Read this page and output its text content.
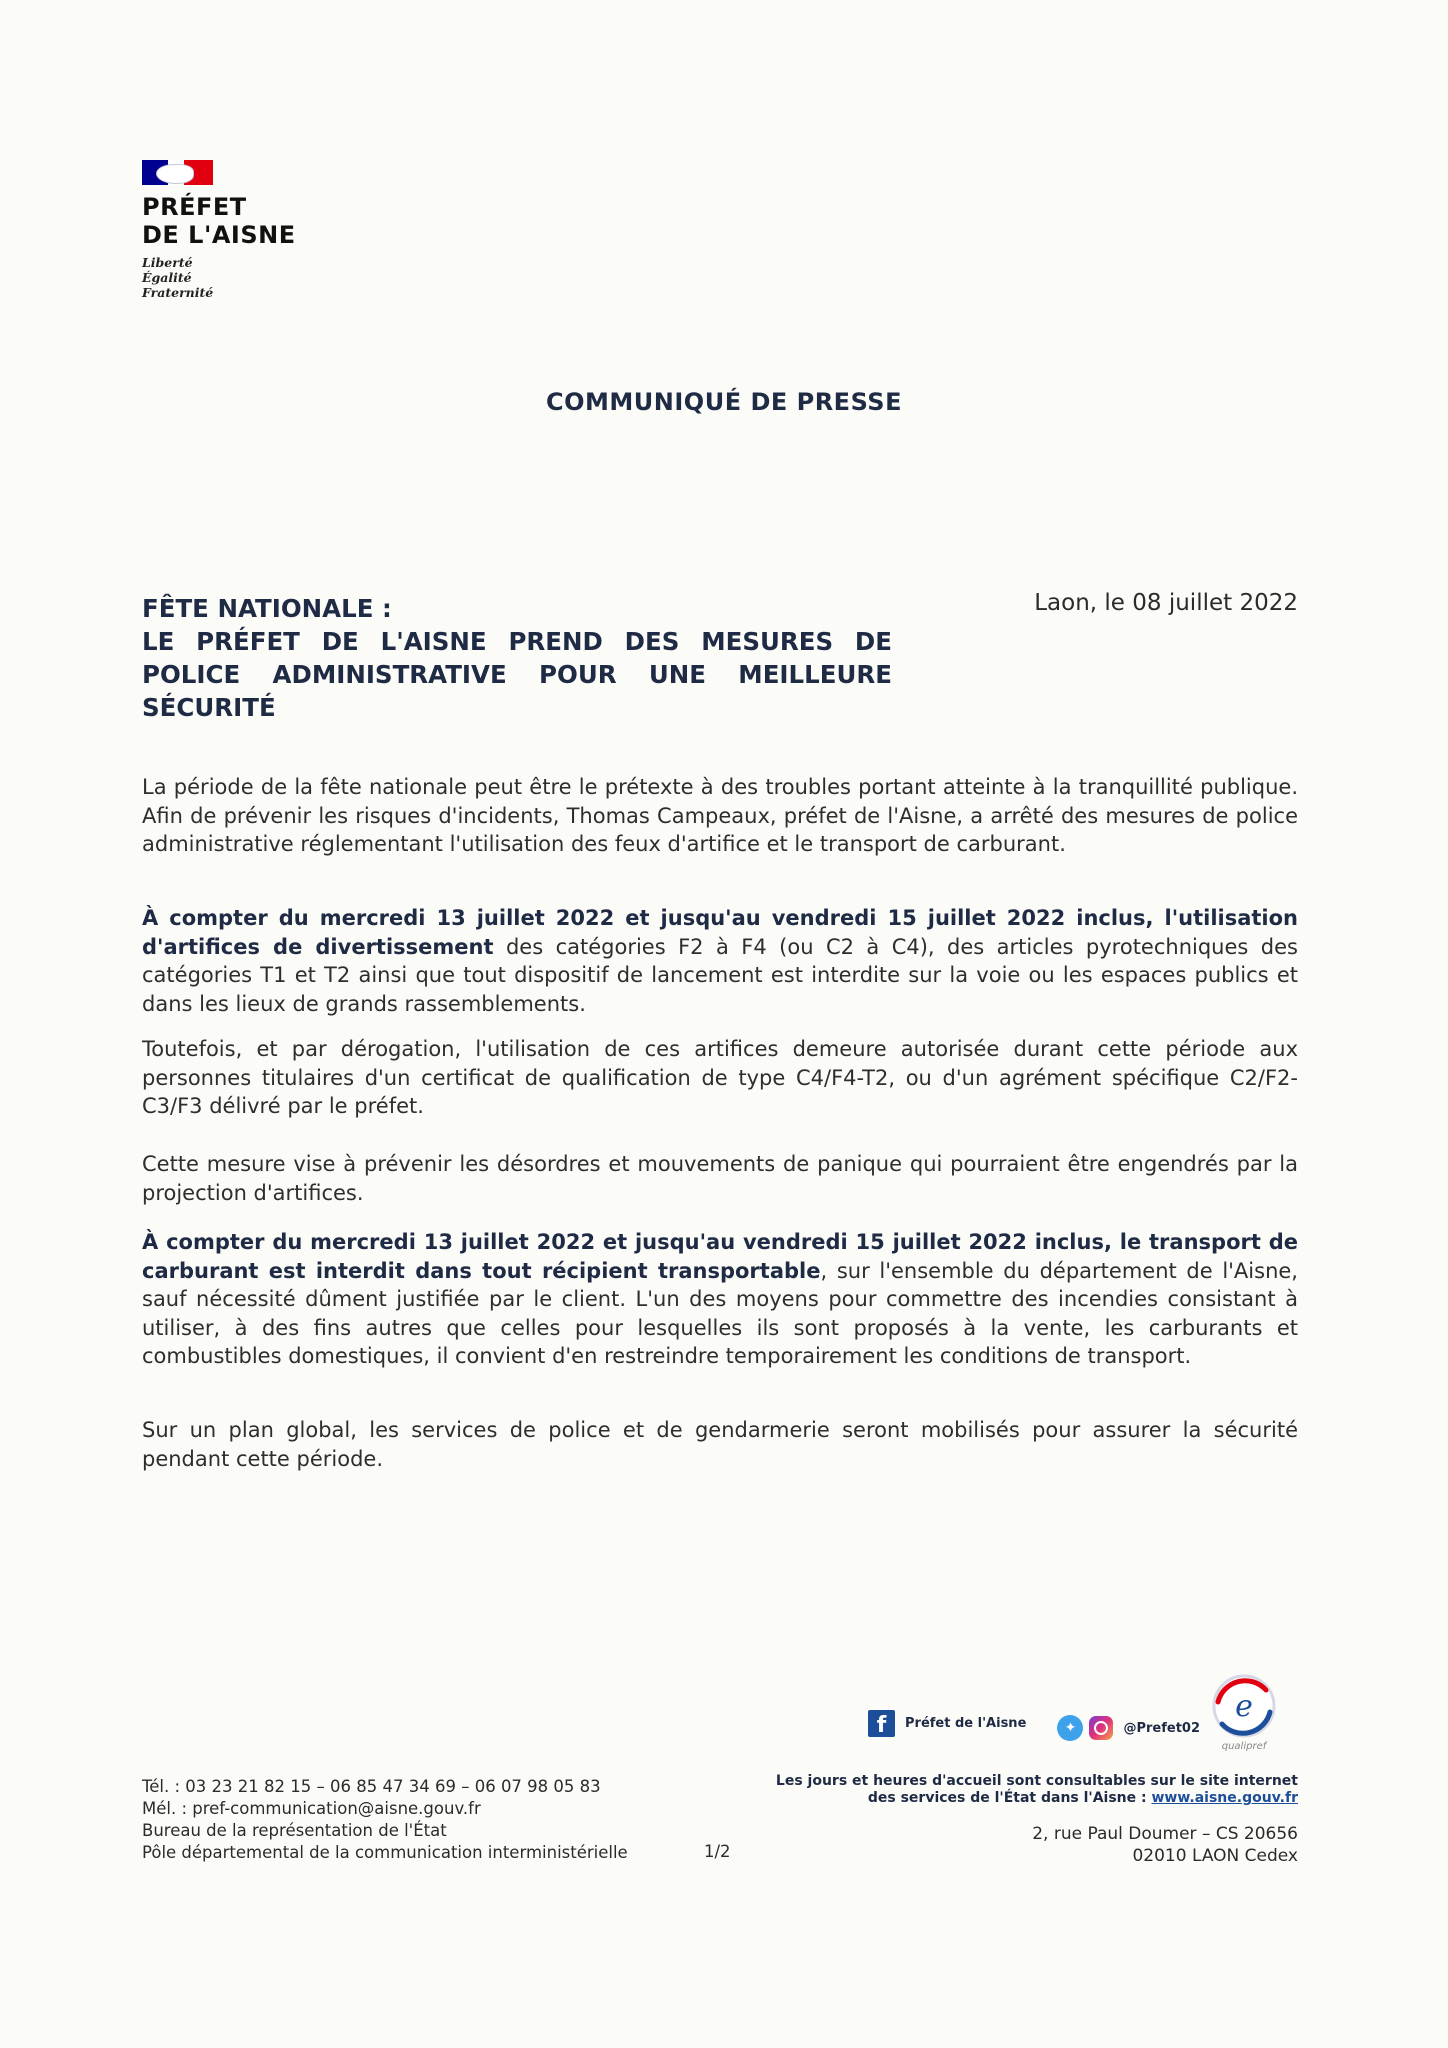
PRÉFET
DE L'AISNE
Liberté
Égalité
Fraternité
COMMUNIQUÉ DE PRESSE
FÊTE NATIONALE :
LE PRÉFET DE L'AISNE PREND DES MESURES DE
POLICE ADMINISTRATIVE POUR UNE MEILLEURE
SÉCURITÉ
Laon, le 08 juillet 2022
La période de la fête nationale peut être le prétexte à des troubles portant atteinte à la tranquillité publique. Afin de prévenir les risques d'incidents, Thomas Campeaux, préfet de l'Aisne, a arrêté des mesures de police administrative réglementant l'utilisation des feux d'artifice et le transport de carburant.
À compter du mercredi 13 juillet 2022 et jusqu'au vendredi 15 juillet 2022 inclus, l'utilisation d'artifices de divertissement des catégories F2 à F4 (ou C2 à C4), des articles pyrotechniques des catégories T1 et T2 ainsi que tout dispositif de lancement est interdite sur la voie ou les espaces publics et dans les lieux de grands rassemblements.
Toutefois, et par dérogation, l'utilisation de ces artifices demeure autorisée durant cette période aux personnes titulaires d'un certificat de qualification de type C4/F4-T2, ou d'un agrément spécifique C2/F2-C3/F3 délivré par le préfet.
Cette mesure vise à prévenir les désordres et mouvements de panique qui pourraient être engendrés par la projection d'artifices.
À compter du mercredi 13 juillet 2022 et jusqu'au vendredi 15 juillet 2022 inclus, le transport de carburant est interdit dans tout récipient transportable, sur l'ensemble du département de l'Aisne, sauf nécessité dûment justifiée par le client. L'un des moyens pour commettre des incendies consistant à utiliser, à des fins autres que celles pour lesquelles ils sont proposés à la vente, les carburants et combustibles domestiques, il convient d'en restreindre temporairement les conditions de transport.
Sur un plan global, les services de police et de gendarmerie seront mobilisés pour assurer la sécurité pendant cette période.
f	Préfet de l'Aisne
	✦	@Prefet02
e
qualipref
Tél. : 03 23 21 82 15 – 06 85 47 34 69 – 06 07 98 05 83
Mél. : pref-communication@aisne.gouv.fr
Bureau de la représentation de l'État
Pôle départemental de la communication interministérielle	1/2
Les jours et heures d'accueil sont consultables sur le site internet
des services de l'État dans l'Aisne : www.aisne.gouv.fr
2, rue Paul Doumer – CS 20656
02010 LAON Cedex
